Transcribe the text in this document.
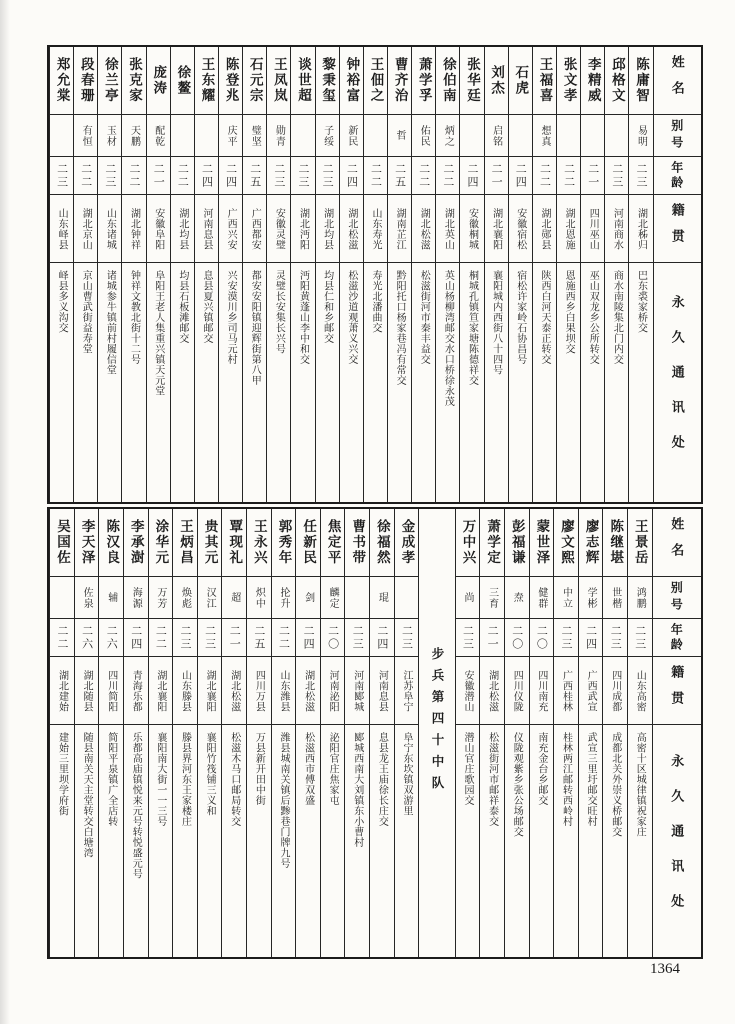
姓名
别号
年龄
籍贯
永久通讯处
陈庸智
易明
二三
湖北秭归
巴东裘家桥交
邱格文
二三
河南商水
商水南陵集北门内交
李精威
二一
四川巫山
巫山双龙乡公所转交
张文孝
二二
湖北恩施
恩施西乡白果坝交
王福喜
想真
二二
湖北郧县
陕西白河天泰正转交
石虎
二四
安徽宿松
宿松许家岭石协昌号
刘杰
启铭
二一
湖北襄阳
襄阳城内西街八十四号
张华廷
二四
安徽桐城
桐城孔镇笪家塘陈德祥交
徐伯南
炳之
二二
湖北英山
英山杨柳湾邮交水口桥徐永茂
萧学孚
佑民
二二
湖北松滋
松滋街河市秦丰益交
曹齐治
哲
二五
湖南芷江
黔阳托口杨家巷冯有常交
王佃之
二二
山东寿光
寿光北潘曲交
钟裕富
新民
二四
湖北松滋
松滋沙道观萧义兴交
黎秉玺
子绥
二三
湖北均县
均县仁和乡邮交
谈世超
二三
湖北沔阳
沔阳黄蓬山李中和交
王凤岚
勋青
二三
安徽灵璧
灵璧长安集长兴号
石元宗
璧坚
二五
广西都安
都安安阳镇迎辉街第八甲
陈登兆
庆平
二四
广西兴安
兴安漠川乡司马元村
王东耀
二四
河南息县
息县夏兴镇邮交
徐鳌
二二
湖北均县
均县石板滩邮交
庞涛
配乾
二一
安徽阜阳
阜阳王老人集重兴镇天元堂
张克家
天鹏
二二
湖北钟祥
钟祥文教北街十二号
徐兰亭
玉材
二三
山东诸城
诸城参牛镇前村履信堂
段春珊
有恒
二二
湖北京山
京山曹武街益寿堂
郑允棠
二三
山东峄县
峄县多义沟交
姓名
别号
年龄
籍贯
永久通讯处
王景岳
鸿鹏
二三
山东高密
高密十区城律镇祝家庄
陈继堪
世楷
二三
四川成都
成都北关外崇义桥邮交
廖志辉
学彬
二四
广西武宣
武宣三里圩邮交旺村
廖文熙
中立
二三
广西桂林
桂林两江邮转西岭村
蒙世泽
健群
二〇
四川南充
南充金台乡邮交
彭福谦
焘
二〇
四川仪陇
仪陇观紫乡张公场邮交
萧学定
三育
二一
湖北松滋
松滋街河市邮祥泰交
万中兴
尚
二三
安徽潜山
潜山官庄歌园交
步兵第四十中队
金成孝
二三
江苏阜宁
阜宁东坎镇双游里
徐福然
琨
二四
河南息县
息县龙王庙徐长庄交
曹书带
二三
河南郾城
郾城西南大刘镇东小曹村
焦定平
麟定
二〇
河南泌阳
泌阳官庄焦家屯
任新民
剑
二四
湖北松滋
松滋西市傅双盛
郭秀年
抡升
二二
山东潍县
潍县城南关镇后黪巷门牌九号
王永兴
炽中
二五
四川万县
万县新开田中街
覃现礼
超
二一
湖北松滋
松滋木马口邮局转交
贵其元
汉江
二三
湖北襄阳
襄阳竹筏铺三义和
王炳昌
焕彪
二三
山东滕县
滕县界河东王家楼庄
涂华元
万芳
二二
湖北襄阳
襄阳南大街一一三号
李承澍
海源
二四
青海乐都
乐都高庙镇悦来元号转悦盛元号
陈汉良
辅
二六
四川简阳
简阳平泉镇广全店转
李天泽
佐泉
二六
湖北随县
随县南关天主堂转交白塘湾
吴国佐
二二
湖北建始
建始三里坝学府街
1364
